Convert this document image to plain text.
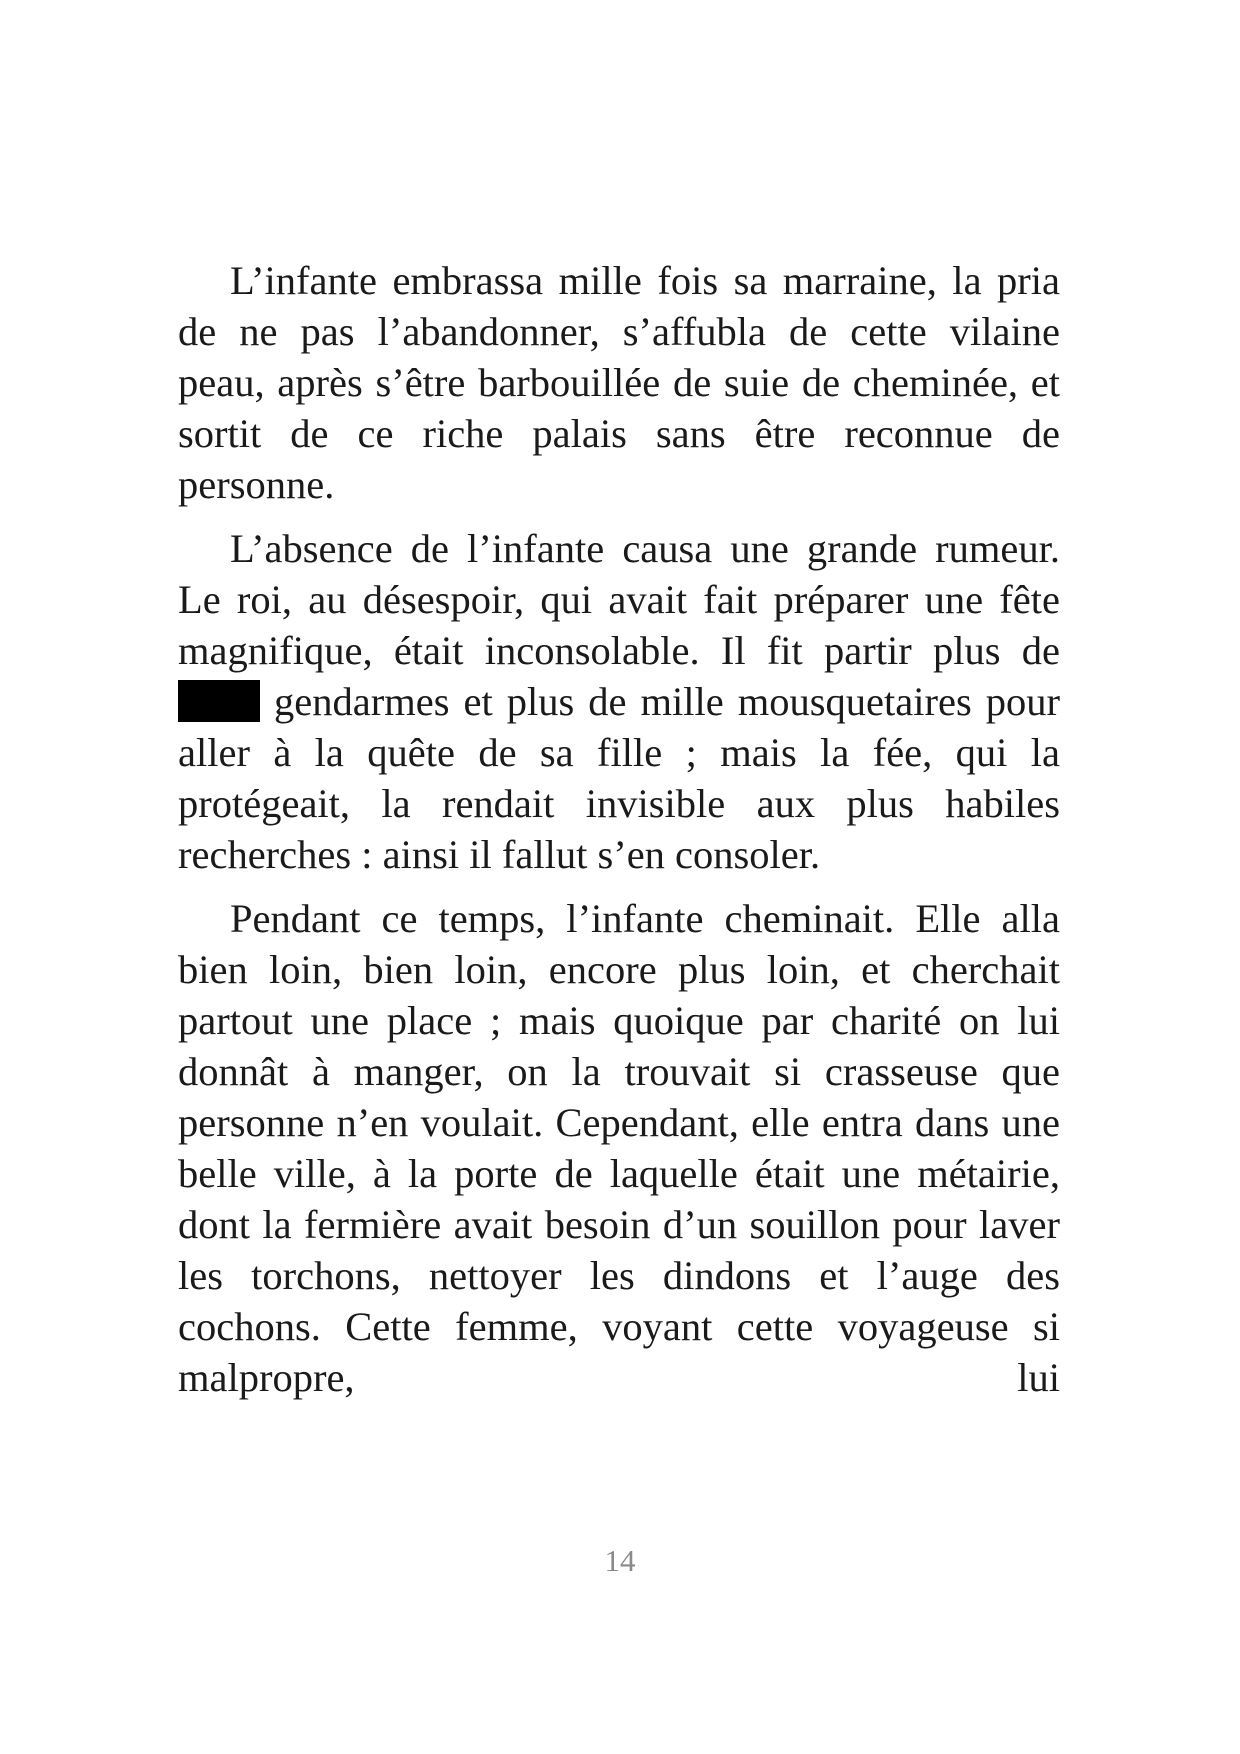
L’infante embrassa mille fois sa marraine, la pria de ne pas l’abandonner, s’affubla de cette vilaine peau, après s’être barbouillée de suie de cheminée, et sortit de ce riche palais sans être reconnue de personne.

L’absence de l’infante causa une grande rumeur. Le roi, au désespoir, qui avait fait préparer une fête magnifique, était inconsolable. Il fit partir plus de  gendarmes et plus de mille mousquetaires pour aller à la quête de sa fille ; mais la fée, qui la protégeait, la rendait invisible aux plus habiles recherches : ainsi il fallut s’en consoler.

Pendant ce temps, l’infante cheminait. Elle alla bien loin, bien loin, encore plus loin, et cherchait partout une place ; mais quoique par charité on lui donnât à manger, on la trouvait si crasseuse que personne n’en voulait. Cependant, elle entra dans une belle ville, à la porte de laquelle était une métairie, dont la fermière avait besoin d’un souillon pour laver les torchons, nettoyer les dindons et l’auge des cochons. Cette femme, voyant cette voyageuse si malpropre, lui

14
